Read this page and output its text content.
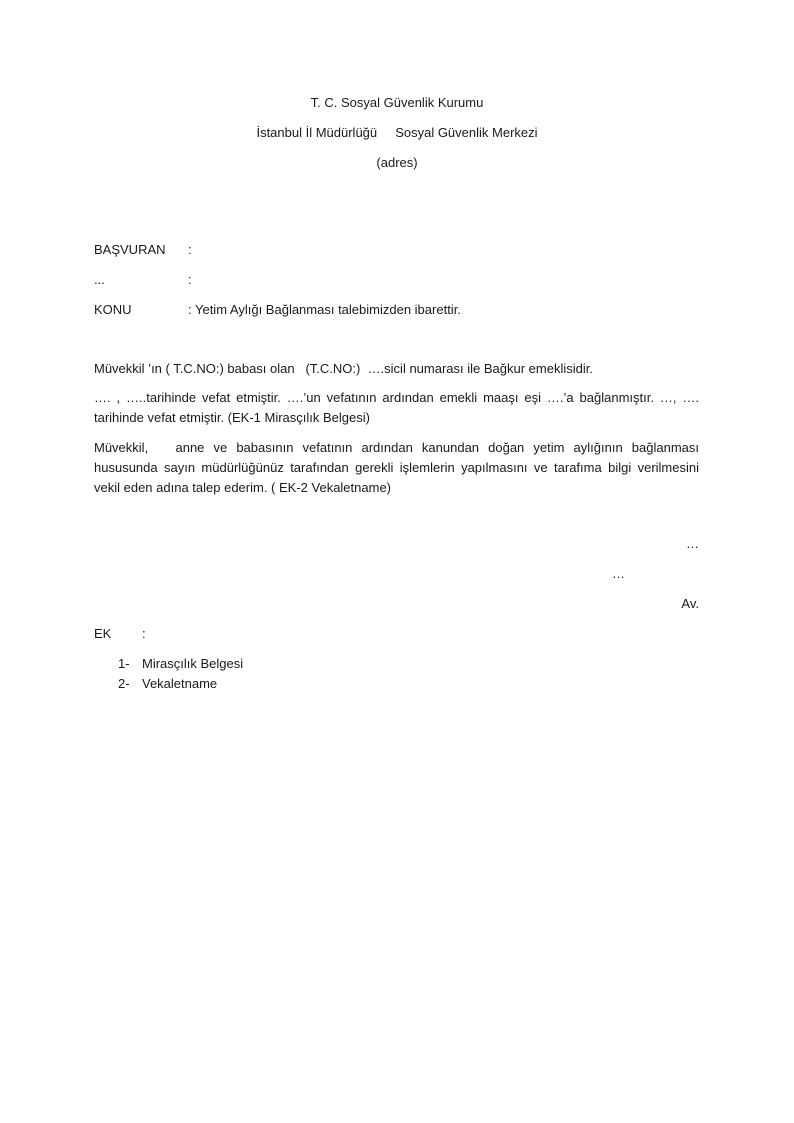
T. C. Sosyal Güvenlik Kurumu
İstanbul İl Müdürlüğü     Sosyal Güvenlik Merkezi
(adres)
BAŞVURAN :
...	:
KONU	: Yetim Aylığı Bağlanması talebimizden ibarettir.
Müvekkil ’ın ( T.C.NO:) babası olan   (T.C.NO:)  ….sicil numarası ile Bağkur emeklisidir.
…. , …..tarihinde vefat etmiştir. ….’un vefatının ardından emekli maaşı eşi ….’a bağlanmıştır. …, ….
tarihinde vefat etmiştir. (EK-1 Mirasçılık Belgesi)
Müvekkil,   anne ve babasının vefatının ardından kanundan doğan yetim aylığının bağlanması
hususunda sayın müdürlüğünüz tarafından gerekli işlemlerin yapılmasını ve tarafıma bilgi verilmesini
vekil eden adına talep ederim. ( EK-2 Vekaletname)
…
…
Av.
EK :
1- Mirasçılık Belgesi
2- Vekaletname
